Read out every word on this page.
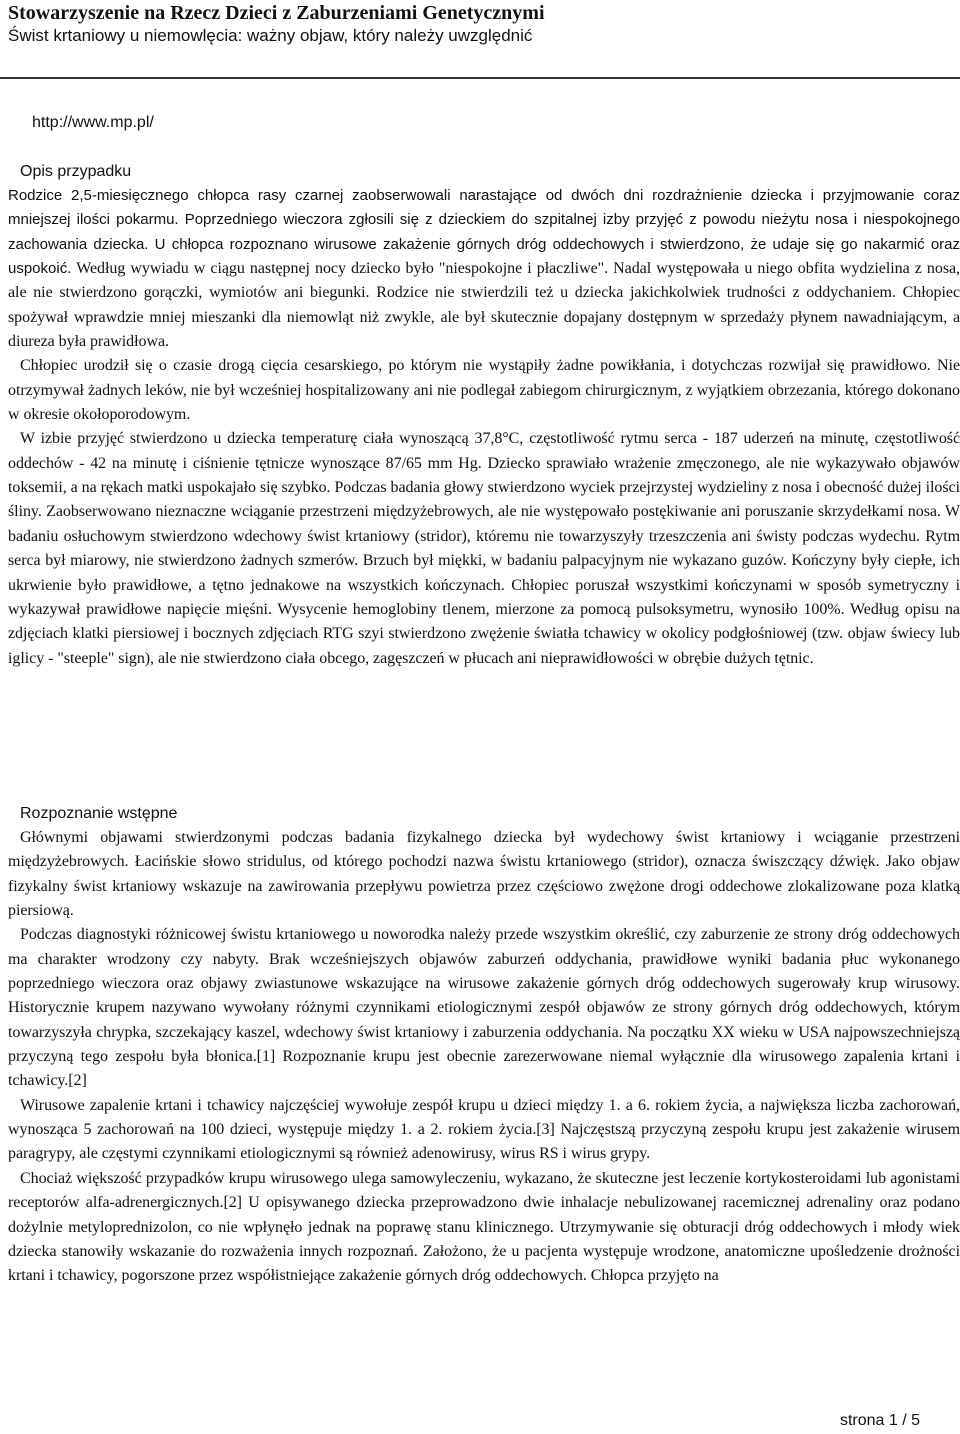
Stowarzyszenie na Rzecz Dzieci z Zaburzeniami Genetycznymi

Świst krtaniowy u niemowlęcia: ważny objaw, który należy uwzględnić

http://www.mp.pl/

Opis przypadku

Rodzice 2,5-miesięcznego chłopca rasy czarnej zaobserwowali narastające od dwóch dni rozdrażnienie dziecka i przyjmowanie coraz mniejszej ilości pokarmu. Poprzedniego wieczora zgłosili się z dzieckiem do szpitalnej izby przyjęć z powodu nieżytu nosa i niespokojnego zachowania dziecka. U chłopca rozpoznano wirusowe zakażenie górnych dróg oddechowych i stwierdzono, że udaje się go nakarmić oraz uspokoić. Według wywiadu w ciągu następnej nocy dziecko było "niespokojne i płaczliwe". Nadal występowała u niego obfita wydzielina z nosa, ale nie stwierdzono gorączki, wymiotów ani biegunki. Rodzice nie stwierdzili też u dziecka jakichkolwiek trudności z oddychaniem. Chłopiec spożywał wprawdzie mniej mieszanki dla niemowląt niż zwykle, ale był skutecznie dopajany dostępnym w sprzedaży płynem nawadniającym, a diureza była prawidłowa.

Chłopiec urodził się o czasie drogą cięcia cesarskiego, po którym nie wystąpiły żadne powikłania, i dotychczas rozwijał się prawidłowo. Nie otrzymywał żadnych leków, nie był wcześniej hospitalizowany ani nie podlegał zabiegom chirurgicznym, z wyjątkiem obrzezania, którego dokonano w okresie okołoporodowym.

W izbie przyjęć stwierdzono u dziecka temperaturę ciała wynoszącą 37,8°C, częstotliwość rytmu serca - 187 uderzeń na minutę, częstotliwość oddechów - 42 na minutę i ciśnienie tętnicze wynoszące 87/65 mm Hg. Dziecko sprawiało wrażenie zmęczonego, ale nie wykazywało objawów toksemii, a na rękach matki uspokajało się szybko. Podczas badania głowy stwierdzono wyciek przejrzystej wydzieliny z nosa i obecność dużej ilości śliny. Zaobserwowano nieznaczne wciąganie przestrzeni międzyżebrowych, ale nie występowało postękiwanie ani poruszanie skrzydełkami nosa. W badaniu osłuchowym stwierdzono wdechowy świst krtaniowy (stridor), któremu nie towarzyszyły trzeszczenia ani świsty podczas wydechu. Rytm serca był miarowy, nie stwierdzono żadnych szmerów. Brzuch był miękki, w badaniu palpacyjnym nie wykazano guzów. Kończyny były ciepłe, ich ukrwienie było prawidłowe, a tętno jednakowe na wszystkich kończynach. Chłopiec poruszał wszystkimi kończynami w sposób symetryczny i wykazywał prawidłowe napięcie mięśni. Wysycenie hemoglobiny tlenem, mierzone za pomocą pulsoksymetru, wynosiło 100%. Według opisu na zdjęciach klatki piersiowej i bocznych zdjęciach RTG szyi stwierdzono zwężenie światła tchawicy w okolicy podgłośniowej (tzw. objaw świecy lub iglicy - "steeple" sign), ale nie stwierdzono ciała obcego, zagęszczeń w płucach ani nieprawidłowości w obrębie dużych tętnic.

Rozpoznanie wstępne

Głównymi objawami stwierdzonymi podczas badania fizykalnego dziecka był wydechowy świst krtaniowy i wciąganie przestrzeni międzyżebrowych. Łacińskie słowo stridulus, od którego pochodzi nazwa świstu krtaniowego (stridor), oznacza świszczący dźwięk. Jako objaw fizykalny świst krtaniowy wskazuje na zawirowania przepływu powietrza przez częściowo zwężone drogi oddechowe zlokalizowane poza klatką piersiową.

Podczas diagnostyki różnicowej świstu krtaniowego u noworodka należy przede wszystkim określić, czy zaburzenie ze strony dróg oddechowych ma charakter wrodzony czy nabyty. Brak wcześniejszych objawów zaburzeń oddychania, prawidłowe wyniki badania płuc wykonanego poprzedniego wieczora oraz objawy zwiastunowe wskazujące na wirusowe zakażenie górnych dróg oddechowych sugerowały krup wirusowy. Historycznie krupem nazywano wywołany różnymi czynnikami etiologicznymi zespół objawów ze strony górnych dróg oddechowych, którym towarzyszyła chrypka, szczekający kaszel, wdechowy świst krtaniowy i zaburzenia oddychania. Na początku XX wieku w USA najpowszechniejszą przyczyną tego zespołu była błonica.[1] Rozpoznanie krupu jest obecnie zarezerwowane niemal wyłącznie dla wirusowego zapalenia krtani i tchawicy.[2]

Wirusowe zapalenie krtani i tchawicy najczęściej wywołuje zespół krupu u dzieci między 1. a 6. rokiem życia, a największa liczba zachorowań, wynosząca 5 zachorowań na 100 dzieci, występuje między 1. a 2. rokiem życia.[3] Najczęstszą przyczyną zespołu krupu jest zakażenie wirusem paragrypy, ale częstymi czynnikami etiologicznymi są również adenowirusy, wirus RS i wirus grypy.

Chociaż większość przypadków krupu wirusowego ulega samowyleczeniu, wykazano, że skuteczne jest leczenie kortykosteroidami lub agonistami receptorów alfa-adrenergicznych.[2] U opisywanego dziecka przeprowadzono dwie inhalacje nebulizowanej racemicznej adrenaliny oraz podano dożylnie metyloprednizolon, co nie wpłynęło jednak na poprawę stanu klinicznego. Utrzymywanie się obturacji dróg oddechowych i młody wiek dziecka stanowiły wskazanie do rozważenia innych rozpoznań. Założono, że u pacjenta występuje wrodzone, anatomiczne upośledzenie drożności krtani i tchawicy, pogorszone przez współistniejące zakażenie górnych dróg oddechowych. Chłopca przyjęto na

strona 1 / 5
